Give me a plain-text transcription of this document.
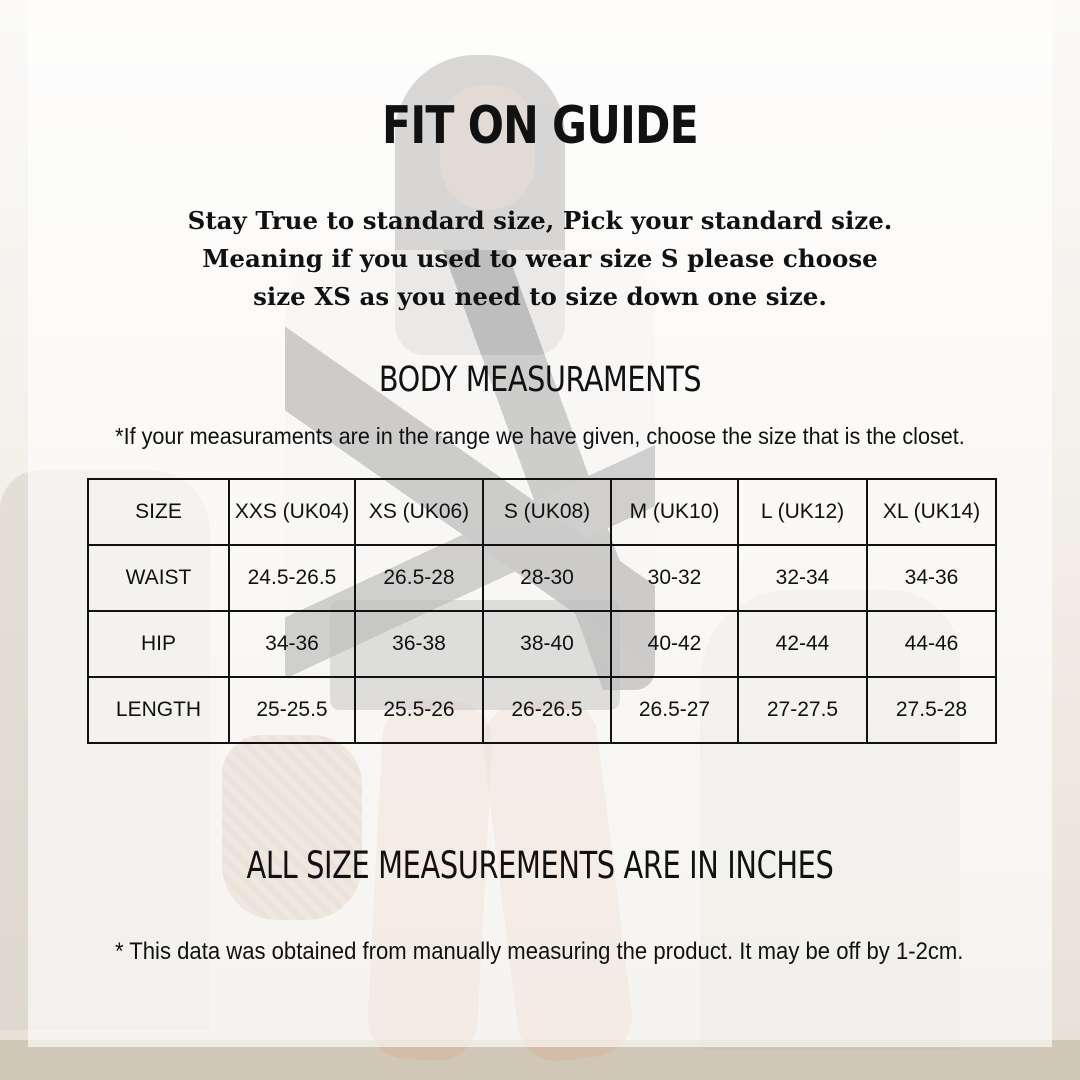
FIT ON GUIDE
Stay True to standard size, Pick your standard size.
Meaning if you used to wear size S please choose
size XS as you need to size down one size.
BODY MEASURAMENTS
*If your measuraments are in the range we have given, choose the size that is the closet.
SIZE	XXS (UK04)	XS (UK06)	S (UK08)	M (UK10)	L (UK12)	XL (UK14)
WAIST	24.5-26.5	26.5-28	28-30	30-32	32-34	34-36
HIP	34-36	36-38	38-40	40-42	42-44	44-46
LENGTH	25-25.5	25.5-26	26-26.5	26.5-27	27-27.5	27.5-28
ALL SIZE MEASUREMENTS ARE IN INCHES
* This data was obtained from manually measuring the product. It may be off by 1-2cm.
